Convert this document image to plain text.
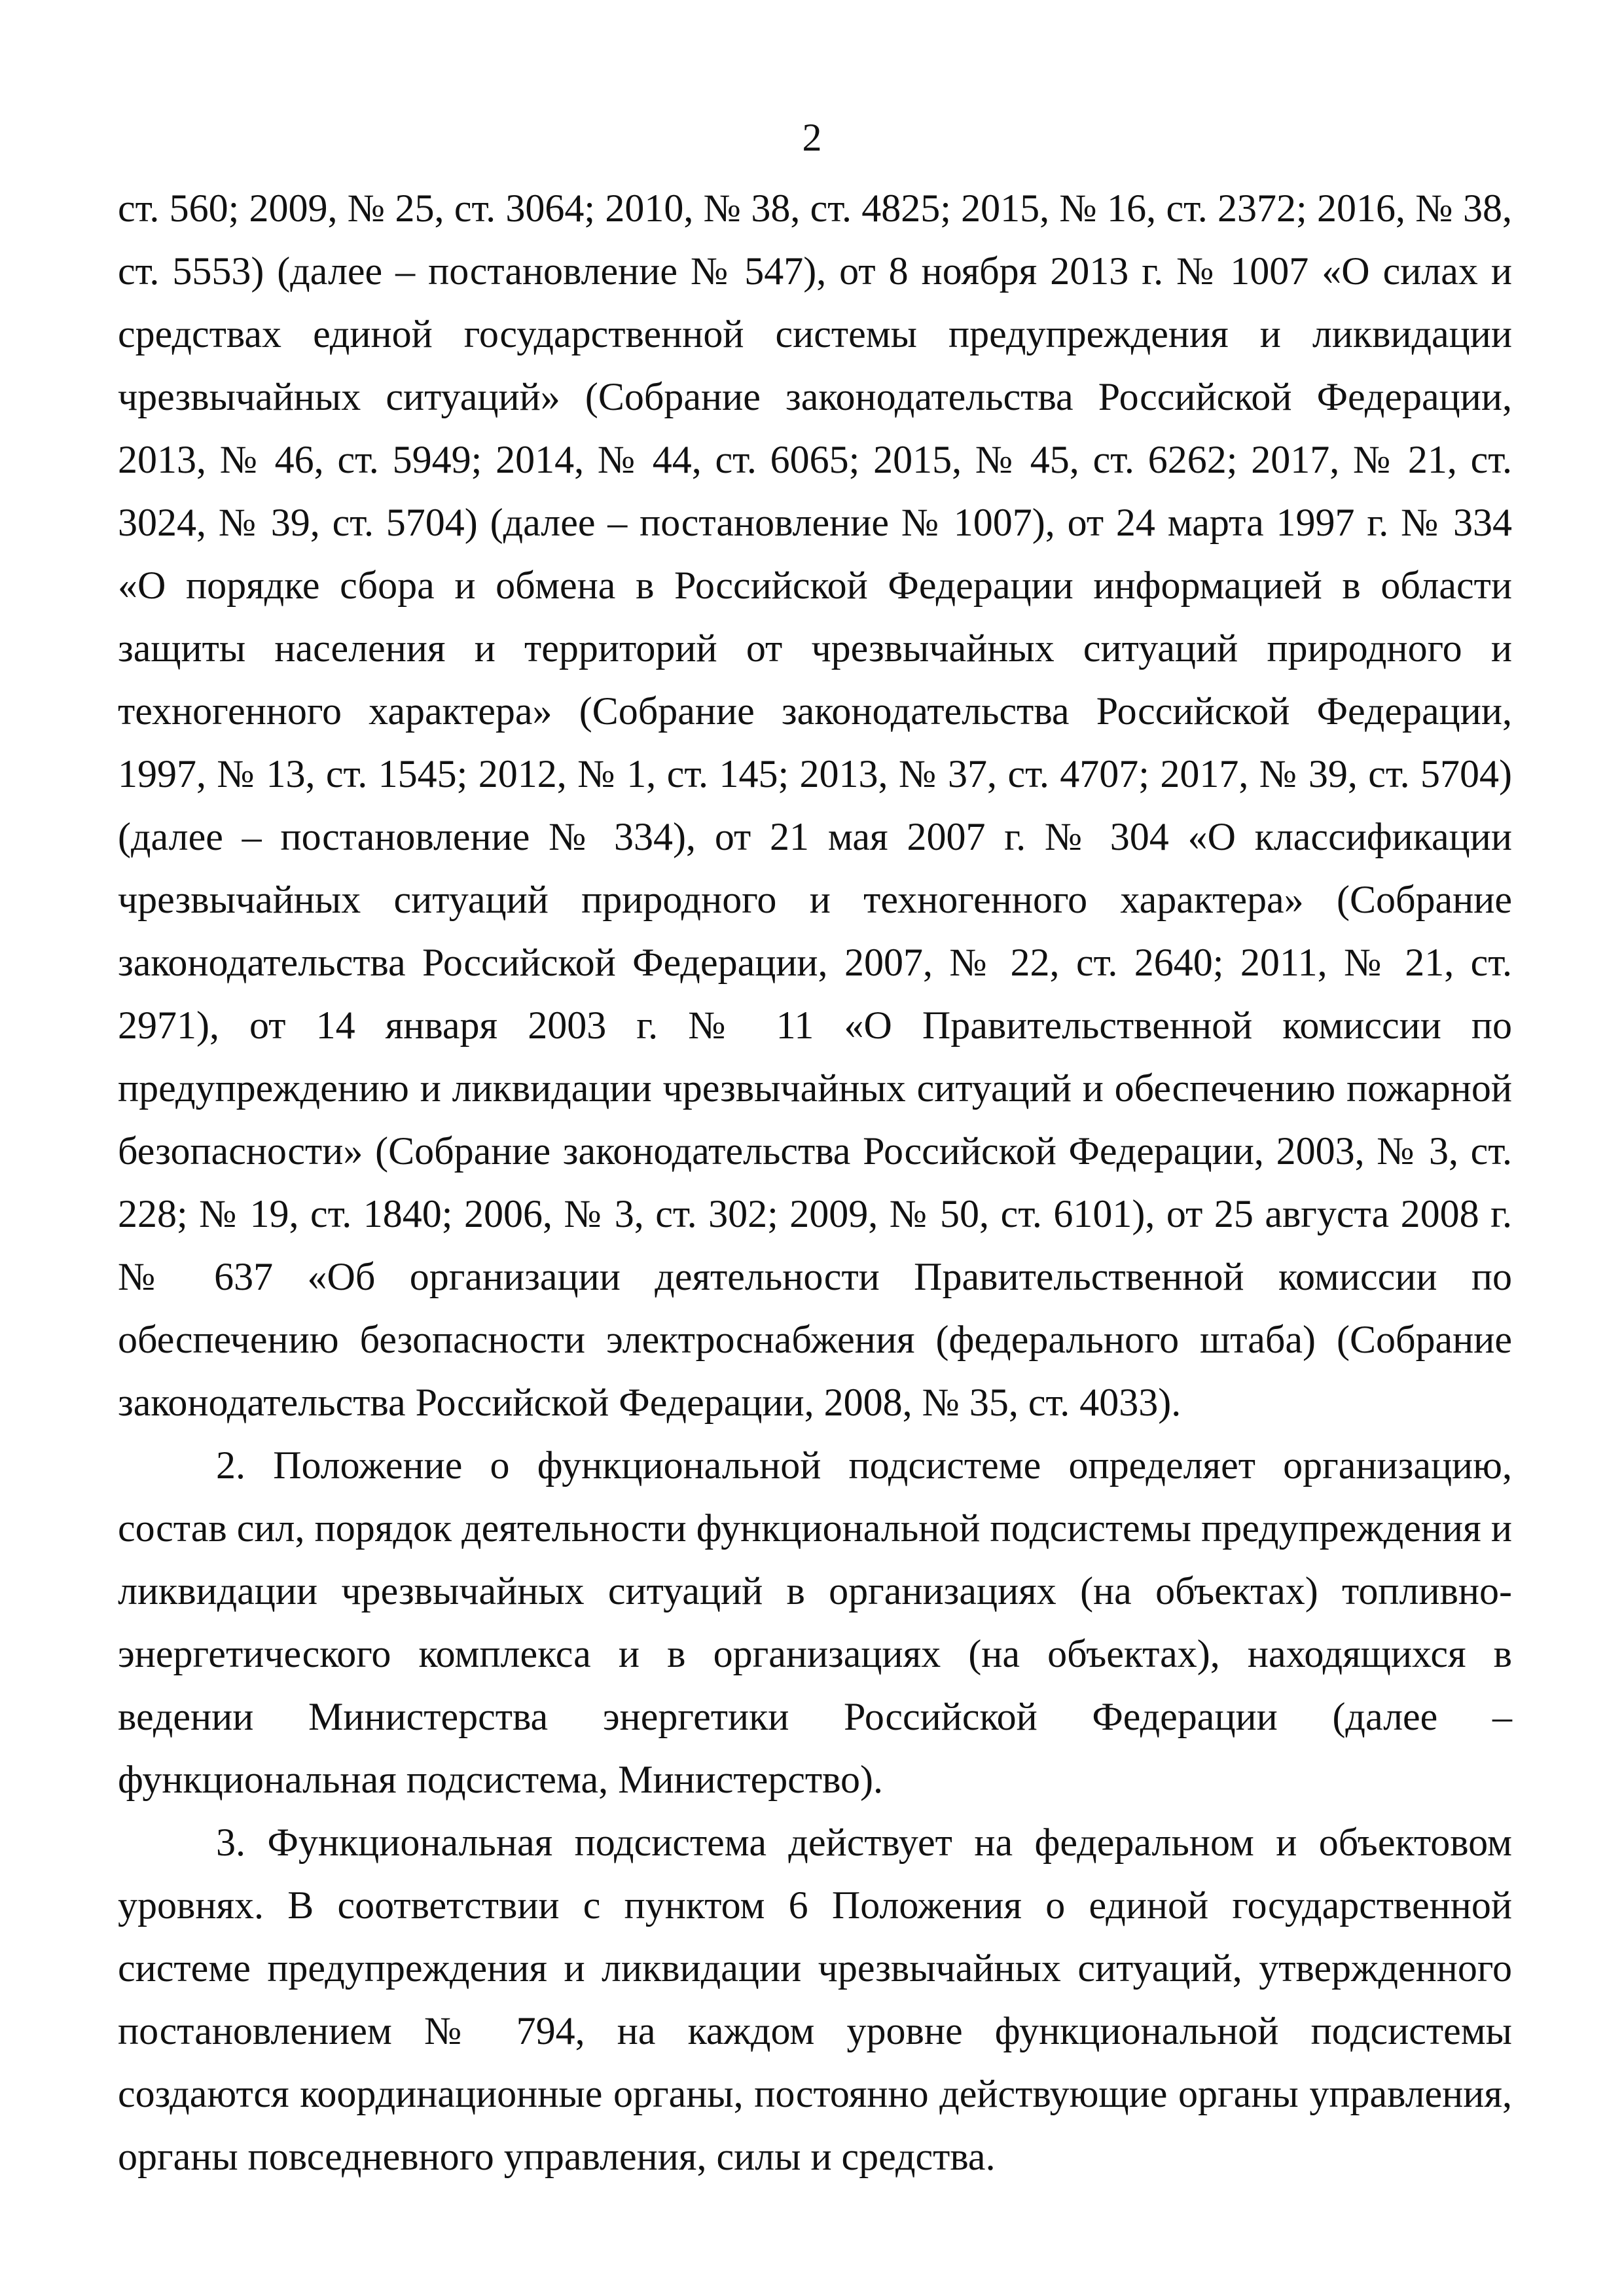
2

ст. 560; 2009, № 25, ст. 3064; 2010, № 38, ст. 4825; 2015, № 16, ст. 2372; 2016, № 38, ст. 5553) (далее – постановление № 547), от 8 ноября 2013 г. № 1007 «О силах и средствах единой государственной системы предупреждения и ликвидации чрезвычайных ситуаций» (Собрание законодательства Российской Федерации, 2013, № 46, ст. 5949; 2014, № 44, ст. 6065; 2015, № 45, ст. 6262; 2017, № 21, ст. 3024, № 39, ст. 5704) (далее – постановление № 1007), от 24 марта 1997 г. № 334 «О порядке сбора и обмена в Российской Федерации информацией в области защиты населения и территорий от чрезвычайных ситуаций природного и техногенного характера» (Собрание законодательства Российской Федерации, 1997, № 13, ст. 1545; 2012, № 1, ст. 145; 2013, № 37, ст. 4707; 2017, № 39, ст. 5704) (далее – постановление № 334), от 21 мая 2007 г. № 304 «О классификации чрезвычайных ситуаций природного и техногенного характера» (Собрание законодательства Российской Федерации, 2007, № 22, ст. 2640; 2011, № 21, ст. 2971), от 14 января 2003 г. № 11 «О Правительственной комиссии по предупреждению и ликвидации чрезвычайных ситуаций и обеспечению пожарной безопасности» (Собрание законодательства Российской Федерации, 2003, № 3, ст. 228; № 19, ст. 1840; 2006, № 3, ст. 302; 2009, № 50, ст. 6101), от 25 августа 2008 г. № 637 «Об организации деятельности Правительственной комиссии по обеспечению безопасности электроснабжения (федерального штаба) (Собрание законодательства Российской Федерации, 2008, № 35, ст. 4033).

2. Положение о функциональной подсистеме определяет организацию, состав сил, порядок деятельности функциональной подсистемы предупреждения и ликвидации чрезвычайных ситуаций в организациях (на объектах) топливно-энергетического комплекса и в организациях (на объектах), находящихся в ведении Министерства энергетики Российской Федерации (далее – функциональная подсистема, Министерство).

3. Функциональная подсистема действует на федеральном и объектовом уровнях. В соответствии с пунктом 6 Положения о единой государственной системе предупреждения и ликвидации чрезвычайных ситуаций, утвержденного постановлением № 794, на каждом уровне функциональной подсистемы создаются координационные органы, постоянно действующие органы управления, органы повседневного управления, силы и средства.
